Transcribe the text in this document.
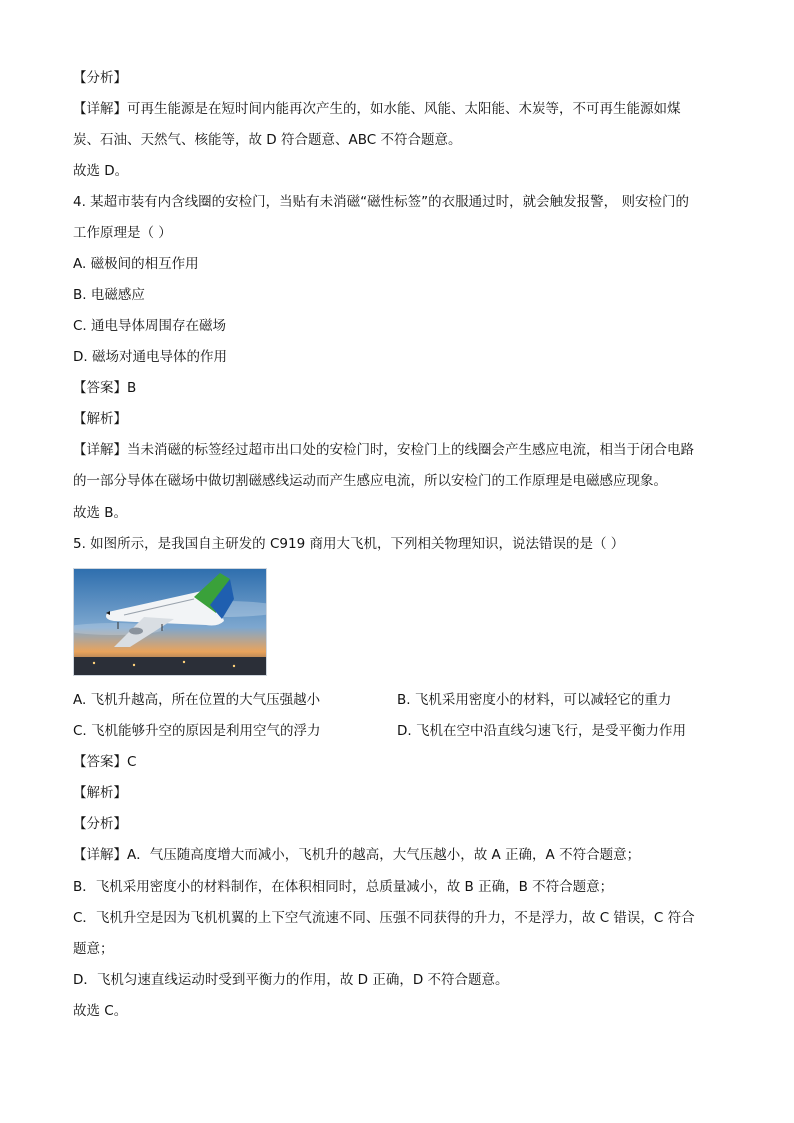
【分析】
【详解】可再生能源是在短时间内能再次产生的，如水能、风能、太阳能、木炭等，不可再生能源如煤
炭、石油、天然气、核能等，故 D 符合题意、ABC 不符合题意。
故选 D。
4. 某超市装有内含线圈的安检门，当贴有未消磁“磁性标签”的衣服通过时，就会触发报警， 则安检门的
工作原理是（ ）
A. 磁极间的相互作用
B. 电磁感应
C. 通电导体周围存在磁场
D. 磁场对通电导体的作用
【答案】B
【解析】
【详解】当未消磁的标签经过超市出口处的安检门时，安检门上的线圈会产生感应电流，相当于闭合电路
的一部分导体在磁场中做切割磁感线运动而产生感应电流，所以安检门的工作原理是电磁感应现象。
故选 B。
5. 如图所示，是我国自主研发的 C919 商用大飞机，下列相关物理知识，说法错误的是（ ）
A. 飞机升越高，所在位置的大气压强越小	B. 飞机采用密度小的材料，可以减轻它的重力
C. 飞机能够升空的原因是利用空气的浮力	D. 飞机在空中沿直线匀速飞行，是受平衡力作用
【答案】C
【解析】
【分析】
【详解】A．气压随高度增大而减小，飞机升的越高，大气压越小，故 A 正确，A 不符合题意；
B．飞机采用密度小的材料制作，在体积相同时，总质量减小，故 B 正确，B 不符合题意；
C．飞机升空是因为飞机机翼的上下空气流速不同、压强不同获得的升力，不是浮力，故 C 错误，C 符合
题意；
D．飞机匀速直线运动时受到平衡力的作用，故 D 正确，D 不符合题意。
故选 C。
